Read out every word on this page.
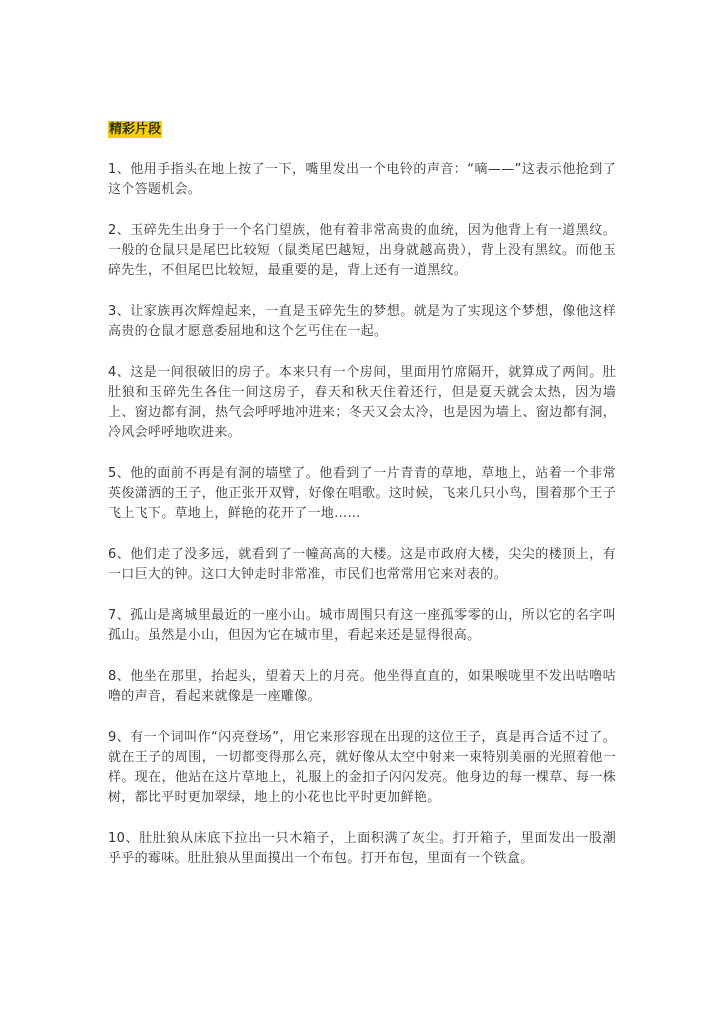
精彩片段

1、他用手指头在地上按了一下，嘴里发出一个电铃的声音：“嘀——”这表示他抢到了这个答题机会。

2、玉碎先生出身于一个名门望族，他有着非常高贵的血统，因为他背上有一道黑纹。一般的仓鼠只是尾巴比较短（鼠类尾巴越短，出身就越高贵），背上没有黑纹。而他玉碎先生，不但尾巴比较短，最重要的是，背上还有一道黑纹。

3、让家族再次辉煌起来，一直是玉碎先生的梦想。就是为了实现这个梦想，像他这样高贵的仓鼠才愿意委屈地和这个乞丐住在一起。

4、这是一间很破旧的房子。本来只有一个房间，里面用竹席隔开，就算成了两间。肚肚狼和玉碎先生各住一间这房子，春天和秋天住着还行，但是夏天就会太热，因为墙上、窗边都有洞，热气会呼呼地冲进来；冬天又会太冷，也是因为墙上、窗边都有洞，冷风会呼呼地吹进来。

5、他的面前不再是有洞的墙壁了。他看到了一片青青的草地，草地上，站着一个非常英俊潇洒的王子，他正张开双臂，好像在唱歌。这时候，飞来几只小鸟，围着那个王子飞上飞下。草地上，鲜艳的花开了一地……

6、他们走了没多远，就看到了一幢高高的大楼。这是市政府大楼，尖尖的楼顶上，有一口巨大的钟。这口大钟走时非常准，市民们也常常用它来对表的。

7、孤山是离城里最近的一座小山。城市周围只有这一座孤零零的山，所以它的名字叫孤山。虽然是小山，但因为它在城市里，看起来还是显得很高。

8、他坐在那里，抬起头，望着天上的月亮。他坐得直直的，如果喉咙里不发出咕噜咕噜的声音，看起来就像是一座雕像。

9、有一个词叫作“闪亮登场”，用它来形容现在出现的这位王子，真是再合适不过了。就在王子的周围，一切都变得那么亮，就好像从太空中射来一束特别美丽的光照着他一样。现在，他站在这片草地上，礼服上的金扣子闪闪发亮。他身边的每一棵草、每一株树，都比平时更加翠绿，地上的小花也比平时更加鲜艳。

10、肚肚狼从床底下拉出一只木箱子，上面积满了灰尘。打开箱子，里面发出一股潮乎乎的霉味。肚肚狼从里面摸出一个布包。打开布包，里面有一个铁盒。
